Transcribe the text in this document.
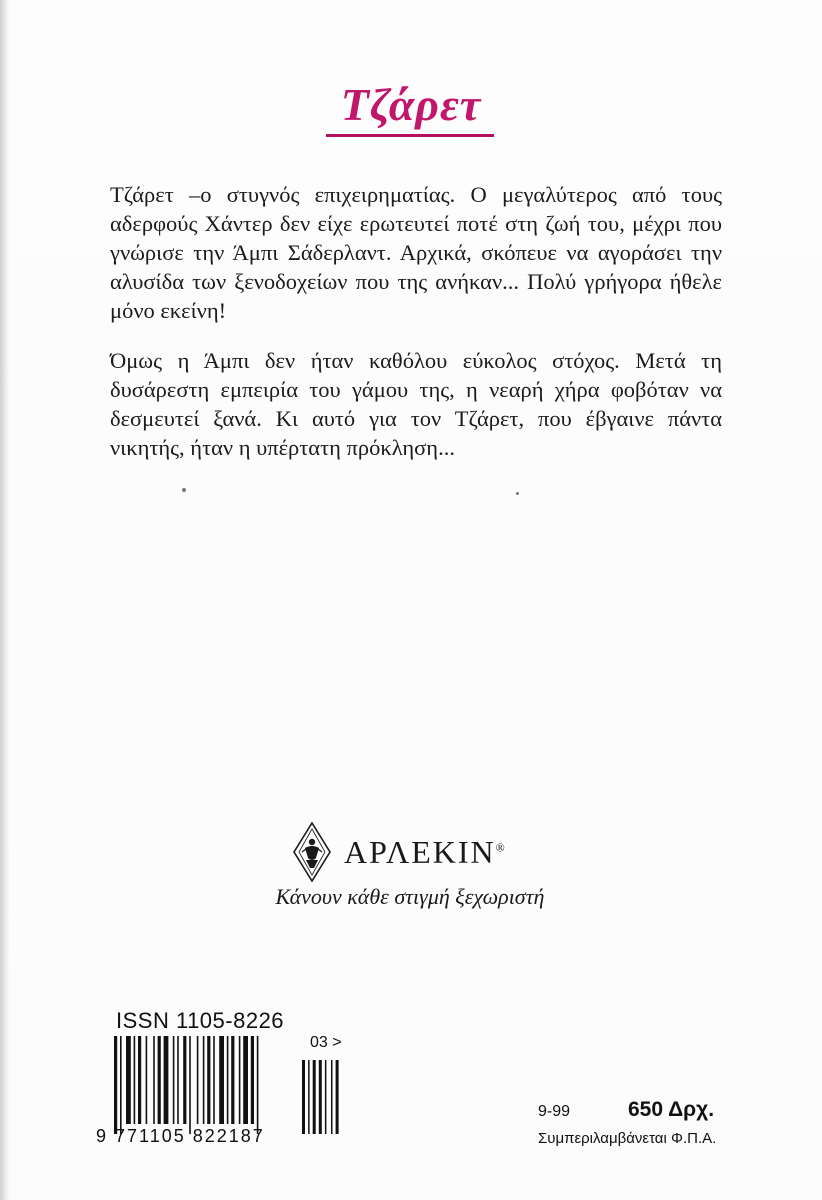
Τζάρετ

Τζάρετ –ο στυγνός επιχειρηματίας. Ο μεγαλύτερος από τους αδερφούς Χάντερ δεν είχε ερωτευτεί ποτέ στη ζωή του, μέχρι που γνώρισε την Άμπι Σάδερλαντ. Αρχικά, σκόπευε να αγοράσει την αλυσίδα των ξενοδοχείων που της ανήκαν... Πολύ γρήγορα ήθελε μόνο εκείνη!

Όμως η Άμπι δεν ήταν καθόλου εύκολος στόχος. Μετά τη δυσάρεστη εμπειρία του γάμου της, η νεαρή χήρα φοβόταν να δεσμευτεί ξανά. Κι αυτό για τον Τζάρετ, που έβγαινε πάντα νικητής, ήταν η υπέρτατη πρόκληση...

ΑΡΛΕΚΙΝ®
Κάνουν κάθε στιγμή ξεχωριστή
ISSN 1105-8226
03 >
9 771105 822187
9-99	650 Δρχ.
Συμπεριλαμβάνεται Φ.Π.Α.
